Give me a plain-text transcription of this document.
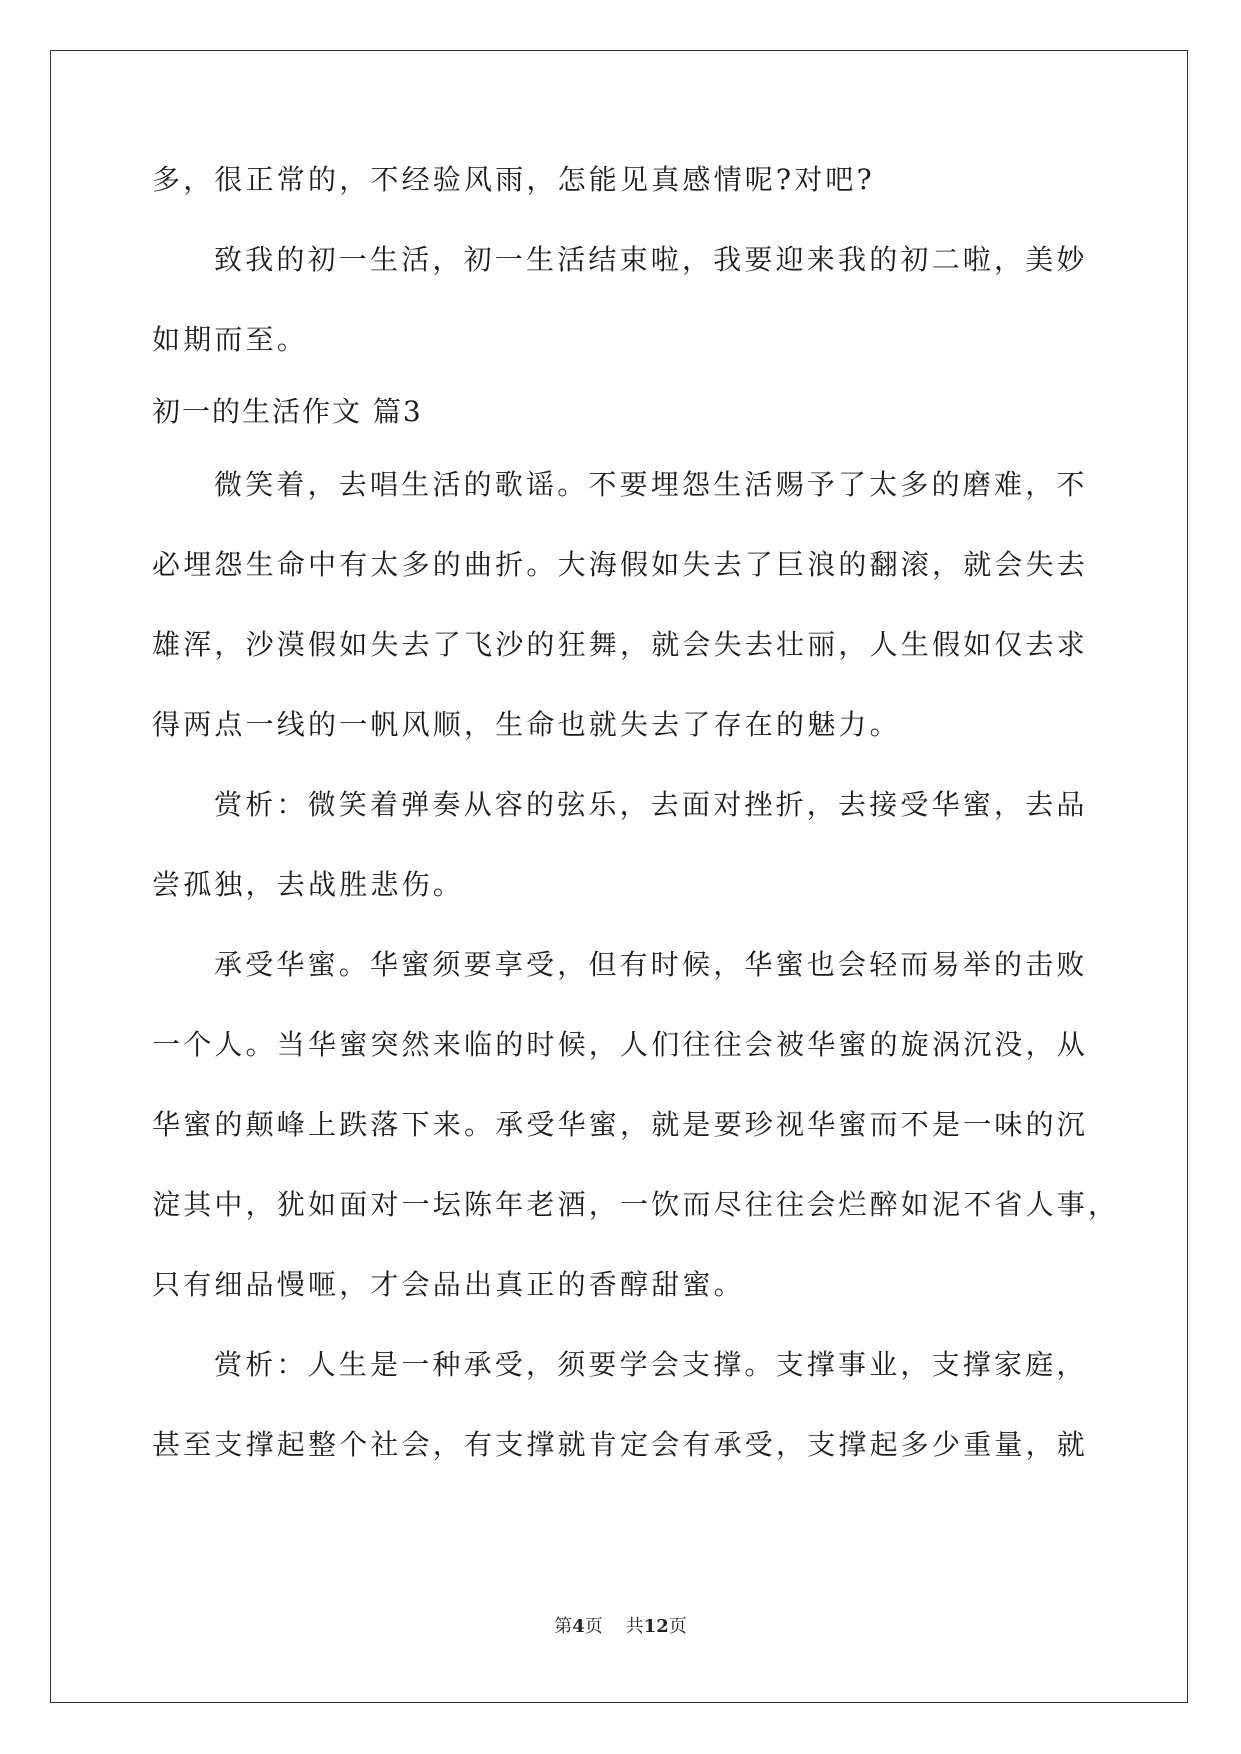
多，很正常的，不经验风雨，怎能见真感情呢?对吧?
致我的初一生活，初一生活结束啦，我要迎来我的初二啦，美妙
如期而至。
初一的生活作文 篇3
微笑着，去唱生活的歌谣。不要埋怨生活赐予了太多的磨难，不
必埋怨生命中有太多的曲折。大海假如失去了巨浪的翻滚，就会失去
雄浑，沙漠假如失去了飞沙的狂舞，就会失去壮丽，人生假如仅去求
得两点一线的一帆风顺，生命也就失去了存在的魅力。
赏析：微笑着弹奏从容的弦乐，去面对挫折，去接受华蜜，去品
尝孤独，去战胜悲伤。
承受华蜜。华蜜须要享受，但有时候，华蜜也会轻而易举的击败
一个人。当华蜜突然来临的时候，人们往往会被华蜜的旋涡沉没，从
华蜜的颠峰上跌落下来。承受华蜜，就是要珍视华蜜而不是一味的沉
淀其中，犹如面对一坛陈年老酒，一饮而尽往往会烂醉如泥不省人事，
只有细品慢咂，才会品出真正的香醇甜蜜。
赏析：人生是一种承受，须要学会支撑。支撑事业，支撑家庭，
甚至支撑起整个社会，有支撑就肯定会有承受，支撑起多少重量，就
第4页 共12页
